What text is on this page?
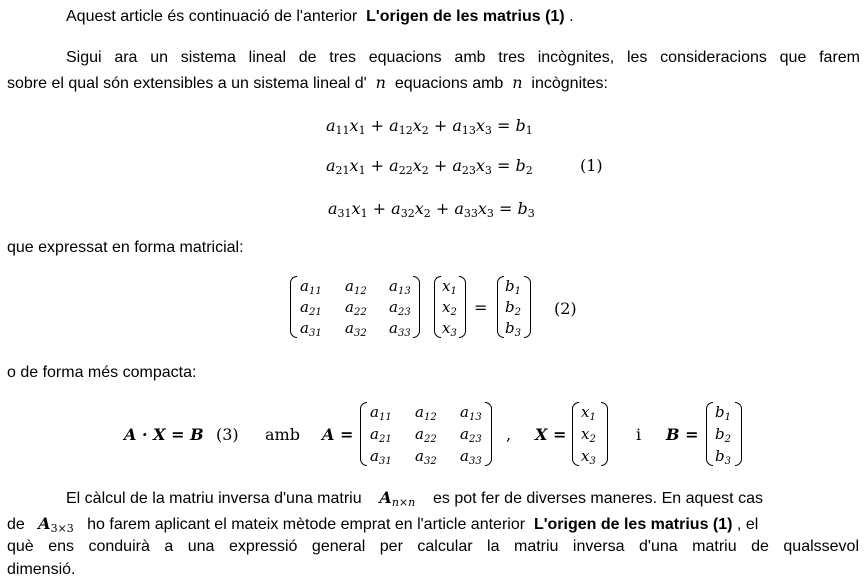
Aquest article és continuació de l'anterior L'origen de les matrius (1) .
Sigui ara un sistema lineal de tres equacions amb tres incògnites, les consideracions que farem
sobre el qual són extensibles a un sistema lineal d' n equacions amb n incògnites:
$a_{11}x_1 + a_{12}x_2 + a_{13}x_3 = b_1$
$a_{21}x_1 + a_{22}x_2 + a_{23}x_3 = b_2$	(1)
$a_{31}x_1 + a_{32}x_2 + a_{33}x_3 = b_3$
que expressat en forma matricial:
$a_{11}$ $a_{12}$ $a_{13}$
$a_{21}$ $a_{22}$ $a_{23}$
$a_{31}$ $a_{32}$ $a_{33}$
$x_1$
$x_2$
$x_3$
=
$b_1$
$b_2$
$b_3$
(2)
o de forma més compacta:
A · X = B (3) amb A =
$a_{11}$ $a_{12}$ $a_{13}$
$a_{21}$ $a_{22}$ $a_{23}$
$a_{31}$ $a_{32}$ $a_{33}$
, X =
$x_1$
$x_2$
$x_3$
i B =
$b_1$
$b_2$
$b_3$
El càlcul de la matriu inversa d'una matriu $A_{n\times n}$ es pot fer de diverses maneres. En aquest cas
de $A_{3\times 3}$ ho farem aplicant el mateix mètode emprat en l'article anterior L'origen de les matrius (1) , el
què ens conduirà a una expressió general per calcular la matriu inversa d'una matriu de qualssevol
dimensió.
